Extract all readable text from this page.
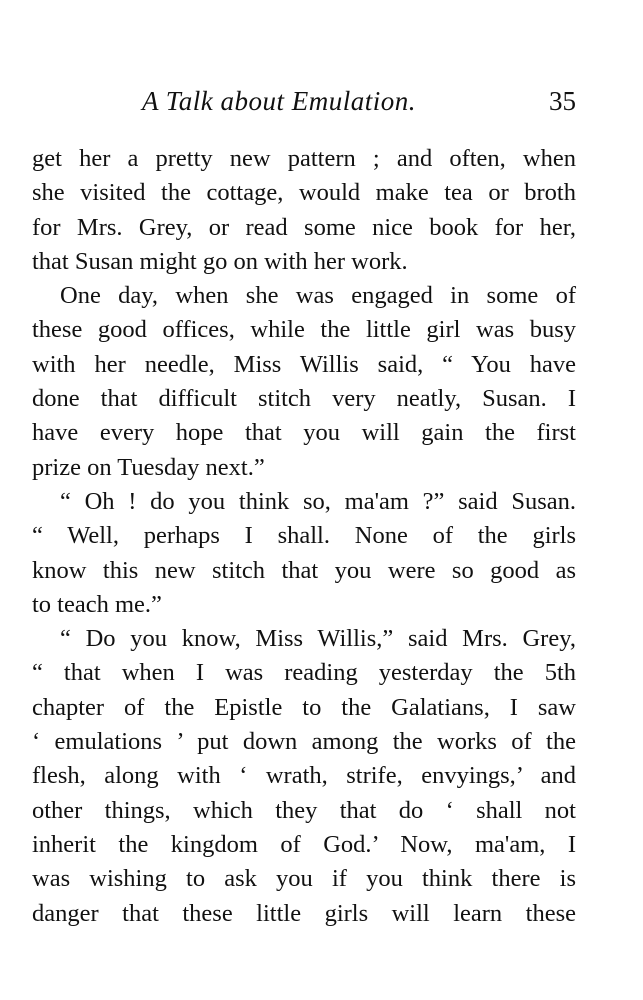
A Talk about Emulation.	35
get her a pretty new pattern ; and often, when
she visited the cottage, would make tea or broth
for Mrs. Grey, or read some nice book for her,
that Susan might go on with her work.
One day, when she was engaged in some of
these good offices, while the little girl was busy
with her needle, Miss Willis said, “ You have
done that difficult stitch very neatly, Susan. I
have every hope that you will gain the first
prize on Tuesday next.”
“ Oh ! do you think so, ma'am ?” said Susan.
“ Well, perhaps I shall. None of the girls
know this new stitch that you were so good as
to teach me.”
“ Do you know, Miss Willis,” said Mrs. Grey,
“ that when I was reading yesterday the 5th
chapter of the Epistle to the Galatians, I saw
‘ emulations ’ put down among the works of the
flesh, along with ‘ wrath, strife, envyings,’ and
other things, which they that do ‘ shall not
inherit the kingdom of God.’ Now, ma'am, I
was wishing to ask you if you think there is
danger that these little girls will learn these
